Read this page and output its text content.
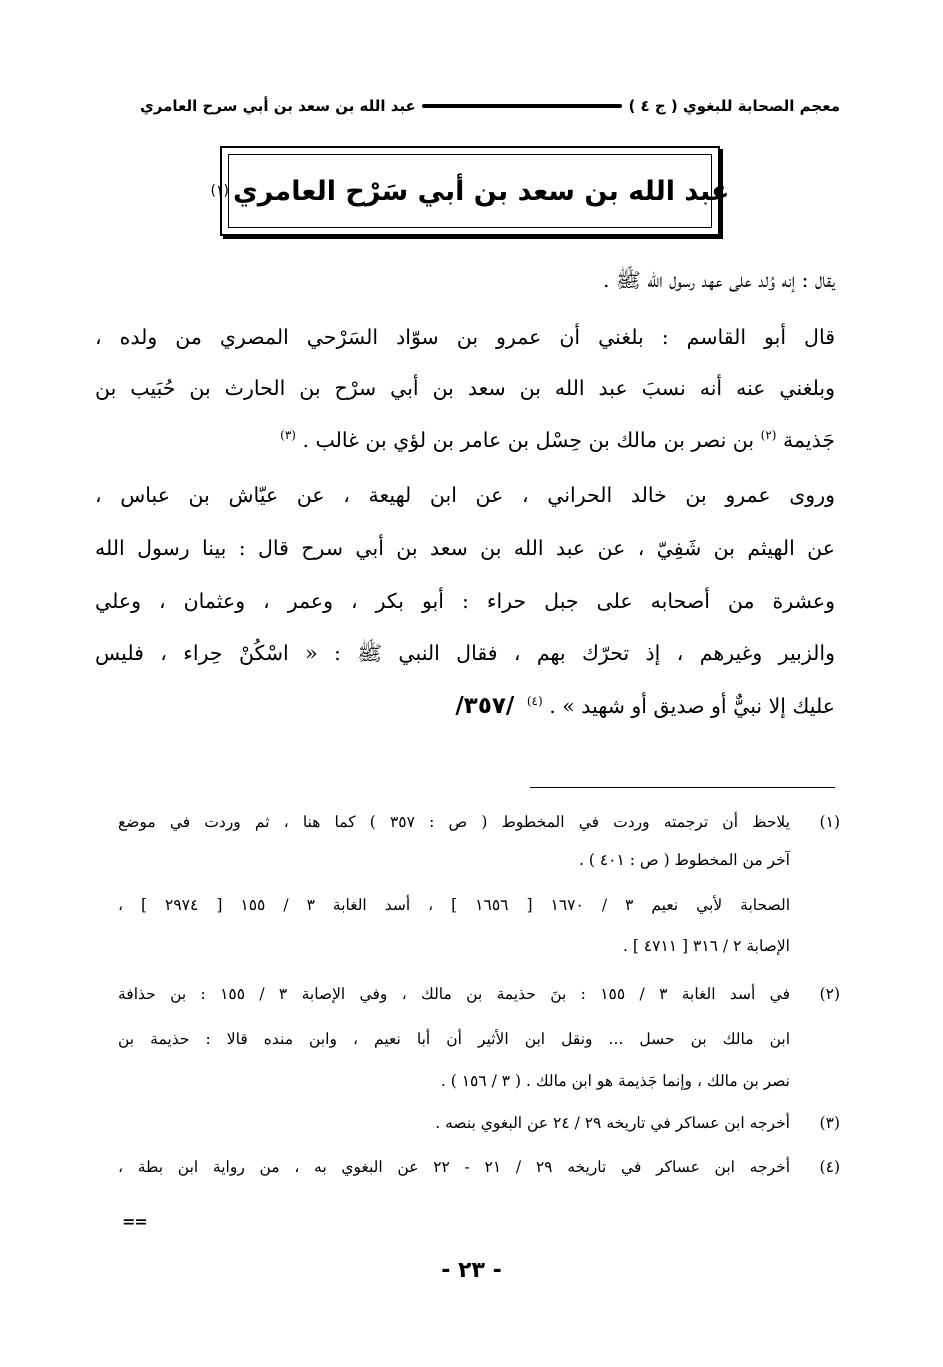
معجم الصحابة للبغوي ( ج ٤ )
عبد الله بن سعد بن أبي سرح العامري
عبد الله بن سعد بن أبي سَرْح العامري
(١)
يقال : إنه وُلد على عهد رسول الله ﷺ .
قال أبو القاسم : بلغني أن عمرو بن سوّاد السَرْحي المصري من ولده ،
وبلغني عنه أنه نسبَ عبد الله بن سعد بن أبي سرْح بن الحارث بن حُبَيب بن
جَذيمة $^{(٢)}$ بن نصر بن مالك بن حِسْل بن عامر بن لؤي بن غالب . $^{(٣)}$
وروى عمرو بن خالد الحراني ، عن ابن لهيعة ، عن عيّاش بن عباس ،
عن الهيثم بن شَفِيّ ، عن عبد الله بن سعد بن أبي سرح قال : بينا رسول الله
وعشرة من أصحابه على جبل حراء : أبو بكر ، وعمر ، وعثمان ، وعلي
والزبير وغيرهم ، إذ تحرّك بهم ، فقال النبي ﷺ : « اسْكُنْ حِراء ، فليس
عليك إلا نبيٌّ أو صديق أو شهيد » . $^{(٤)}$ /٣٥٧/
(١)
يلاحظ أن ترجمته وردت في المخطوط ( ص : ٣٥٧ ) كما هنا ، ثم وردت في موضع
آخر من المخطوط ( ص : ٤٠١ ) .
الصحابة لأبي نعيم ٣ / ١٦٧٠ [ ١٦٥٦ ] ، أسد الغابة ٣ / ١٥٥ [ ٢٩٧٤ ] ،
الإصابة ٢ / ٣١٦ [ ٤٧١١ ] .
(٢)
في أسد الغابة ٣ / ١٥٥ : بنَ حذيمة بن مالك ، وفي الإصابة ٣ / ١٥٥ : بن حذافة
ابن مالك بن حسل ... ونقل ابن الأثير أن أبا نعيم ، وابن منده قالا : حذيمة بن
نصر بن مالك ، وإنما جَذيمة هو ابن مالك . ( ٣ / ١٥٦ ) .
(٣)
أخرجه ابن عساكر في تاريخه ٢٩ / ٢٤ عن البغوي بنصه .
(٤)
أخرجه ابن عساكر في تاريخه ٢٩ / ٢١ - ٢٢ عن البغوي به ، من رواية ابن بطة ،
==
- ٢٣ -
